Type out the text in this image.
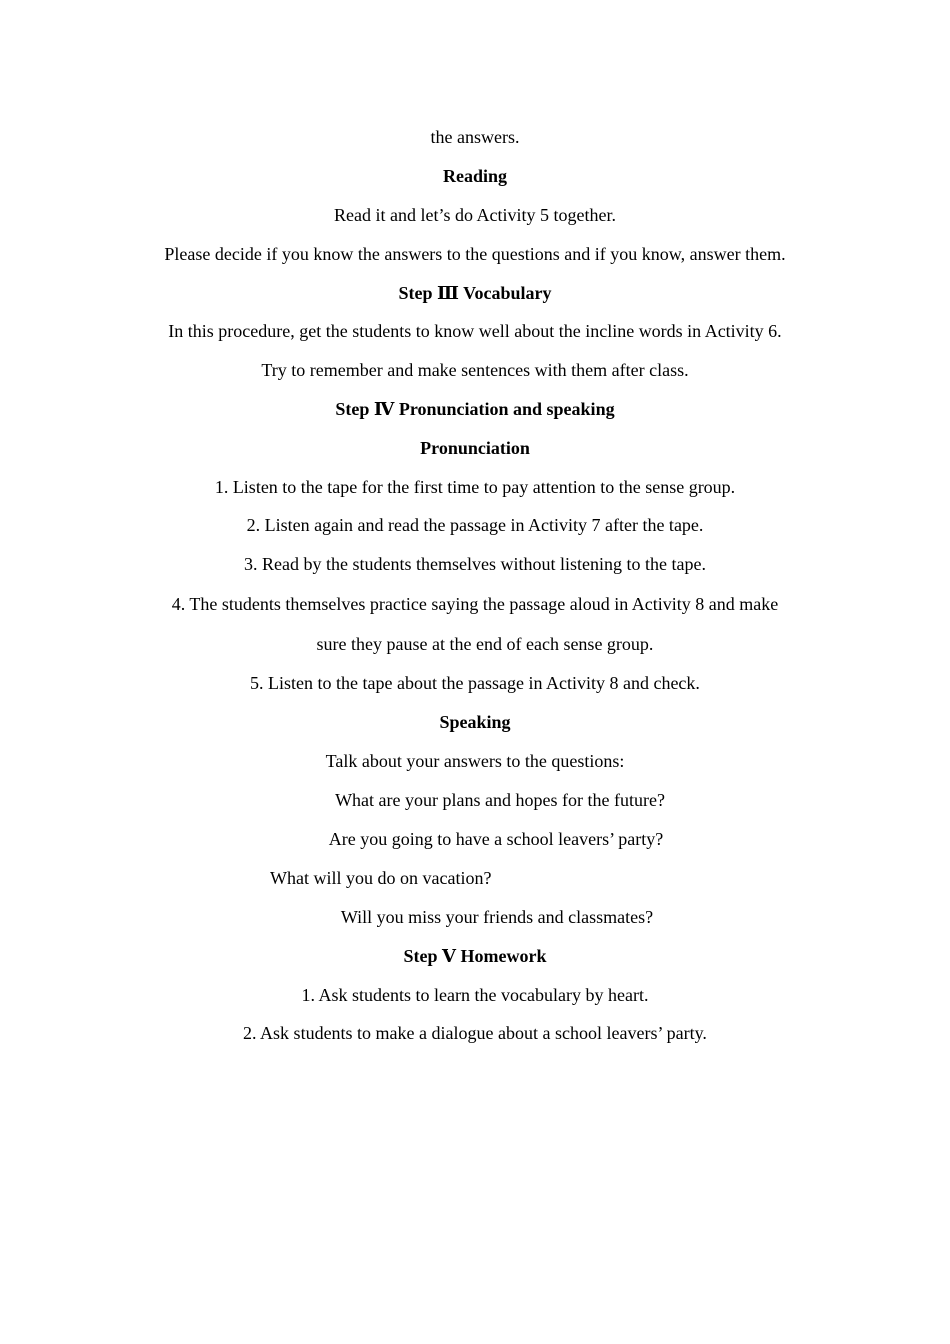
the answers.
Reading
Read it and let’s do Activity 5 together.
Please decide if you know the answers to the questions and if you know, answer them.
Step Ⅲ Vocabulary
In this procedure, get the students to know well about the incline words in Activity 6.
Try to remember and make sentences with them after class.
Step Ⅳ Pronunciation and speaking
Pronunciation
1. Listen to the tape for the first time to pay attention to the sense group.
2. Listen again and read the passage in Activity 7 after the tape.
3. Read by the students themselves without listening to the tape.
4. The students themselves practice saying the passage aloud in Activity 8 and make
sure they pause at the end of each sense group.
5. Listen to the tape about the passage in Activity 8 and check.
Speaking
Talk about your answers to the questions:
What are your plans and hopes for the future?
Are you going to have a school leavers’ party?
What will you do on vacation?
Will you miss your friends and classmates?
Step Ⅴ Homework
1. Ask students to learn the vocabulary by heart.
2. Ask students to make a dialogue about a school leavers’ party.
